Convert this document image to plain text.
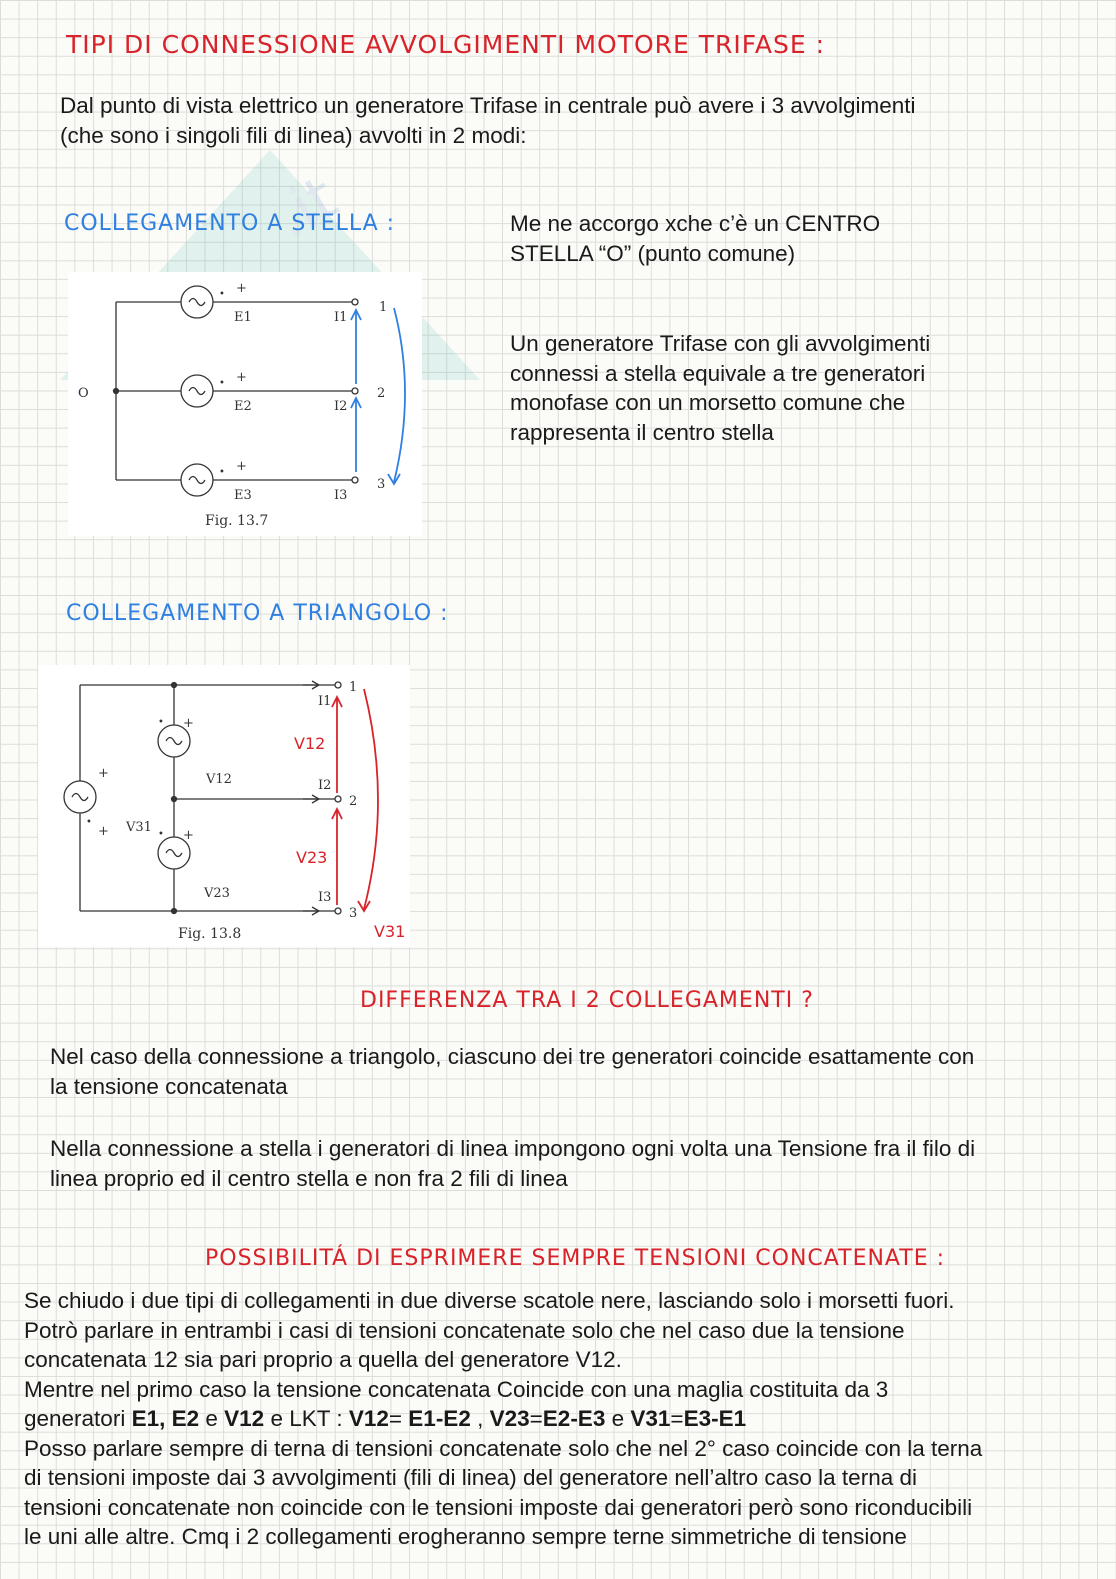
.it
TIPI DI CONNESSIONE AVVOLGIMENTI MOTORE TRIFASE :

Dal punto di vista elettrico un generatore Trifase in centrale può avere i 3 avvolgimenti
(che sono i singoli fili di linea) avvolti in 2 modi:

COLLEGAMENTO A STELLA :	Me ne accorgo xche c’è un CENTRO
STELLA “O” (punto comune)

Un generatore Trifase con gli avvolgimenti
connessi a stella equivale a tre generatori
monofase con un morsetto comune che
rappresenta il centro stella

O
+
+
+
•
•
•
E1
E2
E3
I1
I2
I3
1
2
3
Fig. 13.7
COLLEGAMENTO A TRIANGOLO :
+
+
+
+
•
•
•
V12
V23
V31
I1
I2
I3
1
2
3
Fig. 13.8
V12
V23
V31
DIFFERENZA TRA I 2 COLLEGAMENTI ?

Nel caso della connessione a triangolo, ciascuno dei tre generatori coincide esattamente con
la tensione concatenata

Nella connessione a stella i generatori di linea impongono ogni volta una Tensione fra il filo di
linea proprio ed il centro stella e non fra 2 fili di linea

POSSIBILITÁ DI ESPRIMERE SEMPRE TENSIONI CONCATENATE :

Se chiudo i due tipi di collegamenti in due diverse scatole nere, lasciando solo i morsetti fuori.
Potrò parlare in entrambi i casi di tensioni concatenate solo che nel caso due la tensione
concatenata 12 sia pari proprio a quella del generatore V12.
Mentre nel primo caso la tensione concatenata Coincide con una maglia costituita da 3
generatori E1, E2 e V12 e LKT : V12= E1-E2 , V23=E2-E3 e V31=E3-E1
Posso parlare sempre di terna di tensioni concatenate solo che nel 2° caso coincide con la terna
di tensioni imposte dai 3 avvolgimenti (fili di linea) del generatore nell’altro caso la terna di
tensioni concatenate non coincide con le tensioni imposte dai generatori però sono riconducibili
le uni alle altre. Cmq i 2 collegamenti erogheranno sempre terne simmetriche di tensione
